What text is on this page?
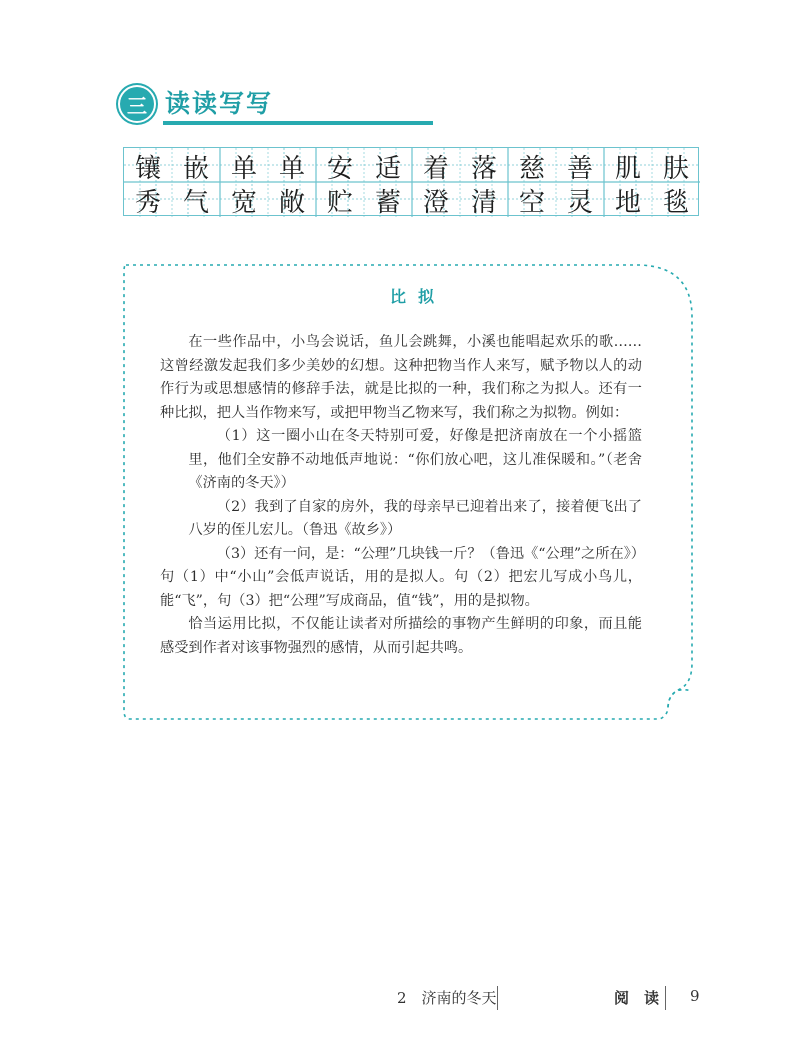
三 读读写写
镶 嵌 单 单 安 适 着 落 慈 善 肌 肤
秀 气 宽 敞 贮 蓄 澄 清 空 灵 地 毯
比拟

在一些作品中，小鸟会说话，鱼儿会跳舞，小溪也能唱起欢乐的歌……这曾经激发起我们多少美妙的幻想。这种把物当作人来写，赋予物以人的动作行为或思想感情的修辞手法，就是比拟的一种，我们称之为拟人。还有一种比拟，把人当作物来写，或把甲物当乙物来写，我们称之为拟物。例如：

（1）这一圈小山在冬天特别可爱，好像是把济南放在一个小摇篮里，他们全安静不动地低声地说：“你们放心吧，这儿准保暖和。”（老舍《济南的冬天》）

（2）我到了自家的房外，我的母亲早已迎着出来了，接着便飞出了八岁的侄儿宏儿。（鲁迅《故乡》）

（3）还有一问，是：“公理”几块钱一斤？（鲁迅《“公理”之所在》）

句（1）中“小山”会低声说话，用的是拟人。句（2）把宏儿写成小鸟儿，能“飞”，句（3）把“公理”写成商品，值“钱”，用的是拟物。

恰当运用比拟，不仅能让读者对所描绘的事物产生鲜明的印象，而且能感受到作者对该事物强烈的感情，从而引起共鸣。

2　济南的冬天	阅　读 9
